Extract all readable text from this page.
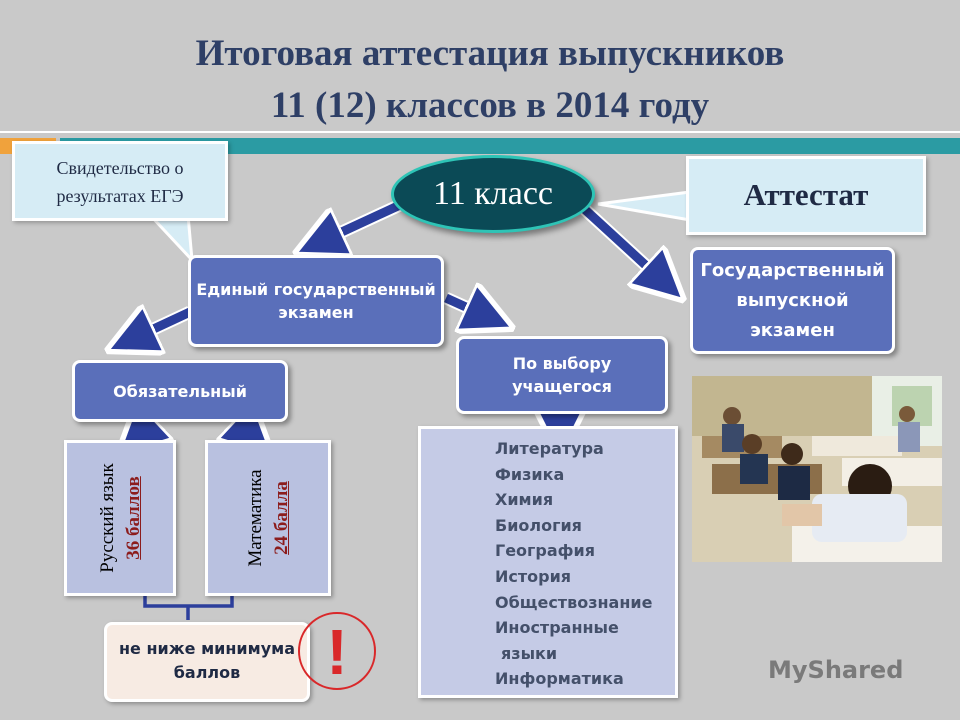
Итоговая аттестация выпускников
11 (12) классов в 2014 году
Свидетельство о результатах ЕГЭ	Аттестат
11 класс
Единый государственный экзамен
Государственный выпускной экзамен
Обязательный
По выбору учащегося
Русский язык 36 баллов	Математика 24 балла
не ниже минимума баллов	!
Литература
Физика
Химия
Биология
География
История
Обществознание
Иностранные
языки
Информатика	MyShared
